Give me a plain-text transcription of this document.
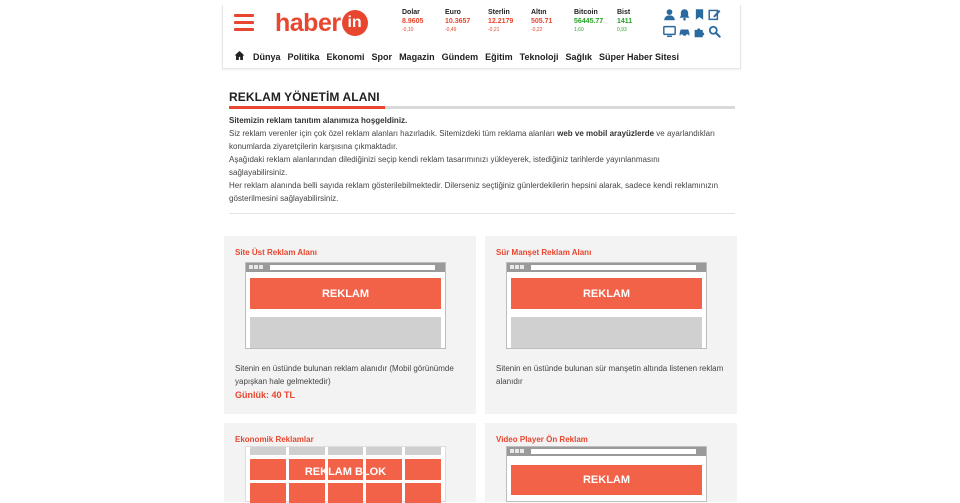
haber in
Dolar
8.9605
-0,10
Euro
10.3657
-0,49
Sterlin
12.2179
-0,21
Altın
505.71
-0,22
Bitcoin
56445.77
1,60
Bist
1411
0,93
Dünya Politika Ekonomi Spor Magazin Gündem Eğitim Teknoloji Sağlık Süper Haber Sitesi
REKLAM YÖNETİM ALANI
Sitemizin reklam tanıtım alanımıza hoşgeldiniz.
Siz reklam verenler için çok özel reklam alanları hazırladık. Sitemizdeki tüm reklama alanları web ve mobil arayüzlerde ve ayarlandıkları konumlarda ziyaretçilerin karşısına çıkmaktadır.
Aşağıdaki reklam alanlarından dilediğinizi seçip kendi reklam tasarımınızı yükleyerek, istediğiniz tarihlerde yayınlanmasını sağlayabilirsiniz.
Her reklam alanında belli sayıda reklam gösterilebilmektedir. Dilerseniz seçtiğiniz günlerdekilerin hepsini alarak, sadece kendi reklamınızın gösterilmesini sağlayabilirsiniz.
Site Üst Reklam Alanı
REKLAM
Sitenin en üstünde bulunan reklam alanıdır (Mobil görünümde yapışkan hale gelmektedir)
Günlük: 40 TL
Sür Manşet Reklam Alanı
REKLAM
Sitenin en üstünde bulunan sür manşetin altında listenen reklam alanıdır
Ekonomik Reklamlar
REKLAM BLOK
Video Player Ön Reklam
REKLAM
